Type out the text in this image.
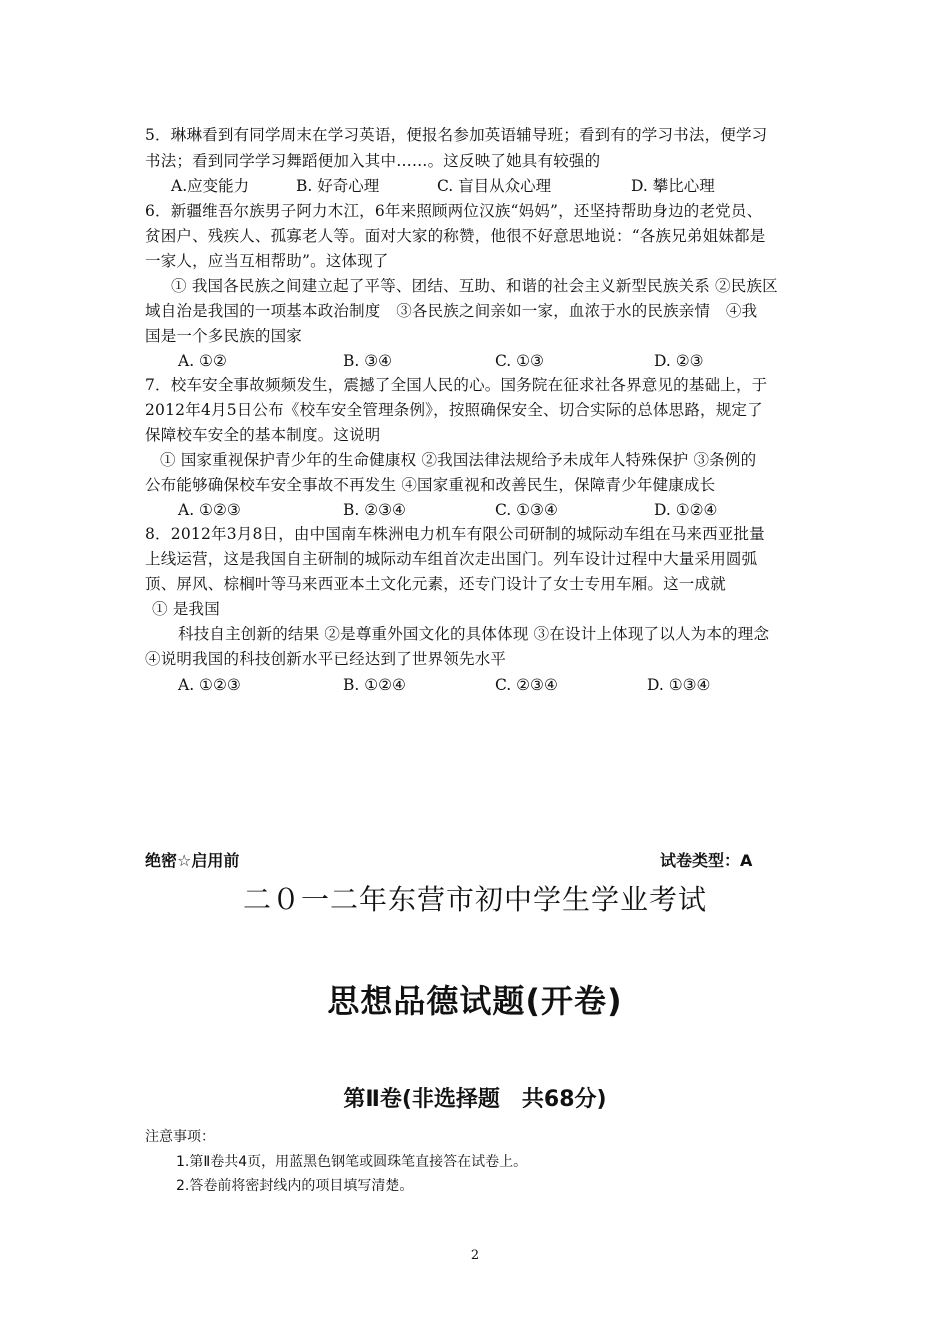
5．琳琳看到有同学周末在学习英语，便报名参加英语辅导班；看到有的学习书法，便学习
书法；看到同学学习舞蹈便加入其中……。这反映了她具有较强的
A.应变能力	B. 好奇心理	C. 盲目从众心理	D. 攀比心理
6．新疆维吾尔族男子阿力木江，6年来照顾两位汉族“妈妈”，还坚持帮助身边的老党员、
贫困户、残疾人、孤寡老人等。面对大家的称赞，他很不好意思地说：“各族兄弟姐妹都是
一家人，应当互相帮助”。这体现了
① 我国各民族之间建立起了平等、团结、互助、和谐的社会主义新型民族关系 ②民族区
域自治是我国的一项基本政治制度　③各民族之间亲如一家，血浓于水的民族亲情　④我
国是一个多民族的国家
A. ①②	B. ③④	C. ①③	D. ②③
7．校车安全事故频频发生，震撼了全国人民的心。国务院在征求社各界意见的基础上，于
2012年4月5日公布《校车安全管理条例》，按照确保安全、切合实际的总体思路，规定了
保障校车安全的基本制度。这说明
① 国家重视保护青少年的生命健康权 ②我国法律法规给予未成年人特殊保护 ③条例的
公布能够确保校车安全事故不再发生 ④国家重视和改善民生，保障青少年健康成长
A. ①②③	B. ②③④	C. ①③④	D. ①②④
8．2012年3月8日，由中国南车株洲电力机车有限公司研制的城际动车组在马来西亚批量
上线运营，这是我国自主研制的城际动车组首次走出国门。列车设计过程中大量采用圆弧
顶、屏风、棕榈叶等马来西亚本土文化元素，还专门设计了女士专用车厢。这一成就
① 是我国
科技自主创新的结果 ②是尊重外国文化的具体体现 ③在设计上体现了以人为本的理念
④说明我国的科技创新水平已经达到了世界领先水平
A. ①②③	B. ①②④	C. ②③④	D. ①③④
绝密☆启用前	试卷类型：A
二０一二年东营市初中学生学业考试
思想品德试题(开卷)
第Ⅱ卷(非选择题　共68分)
注意事项：
1.第Ⅱ卷共4页，用蓝黑色钢笔或圆珠笔直接答在试卷上。
2.答卷前将密封线内的项目填写清楚。
2
